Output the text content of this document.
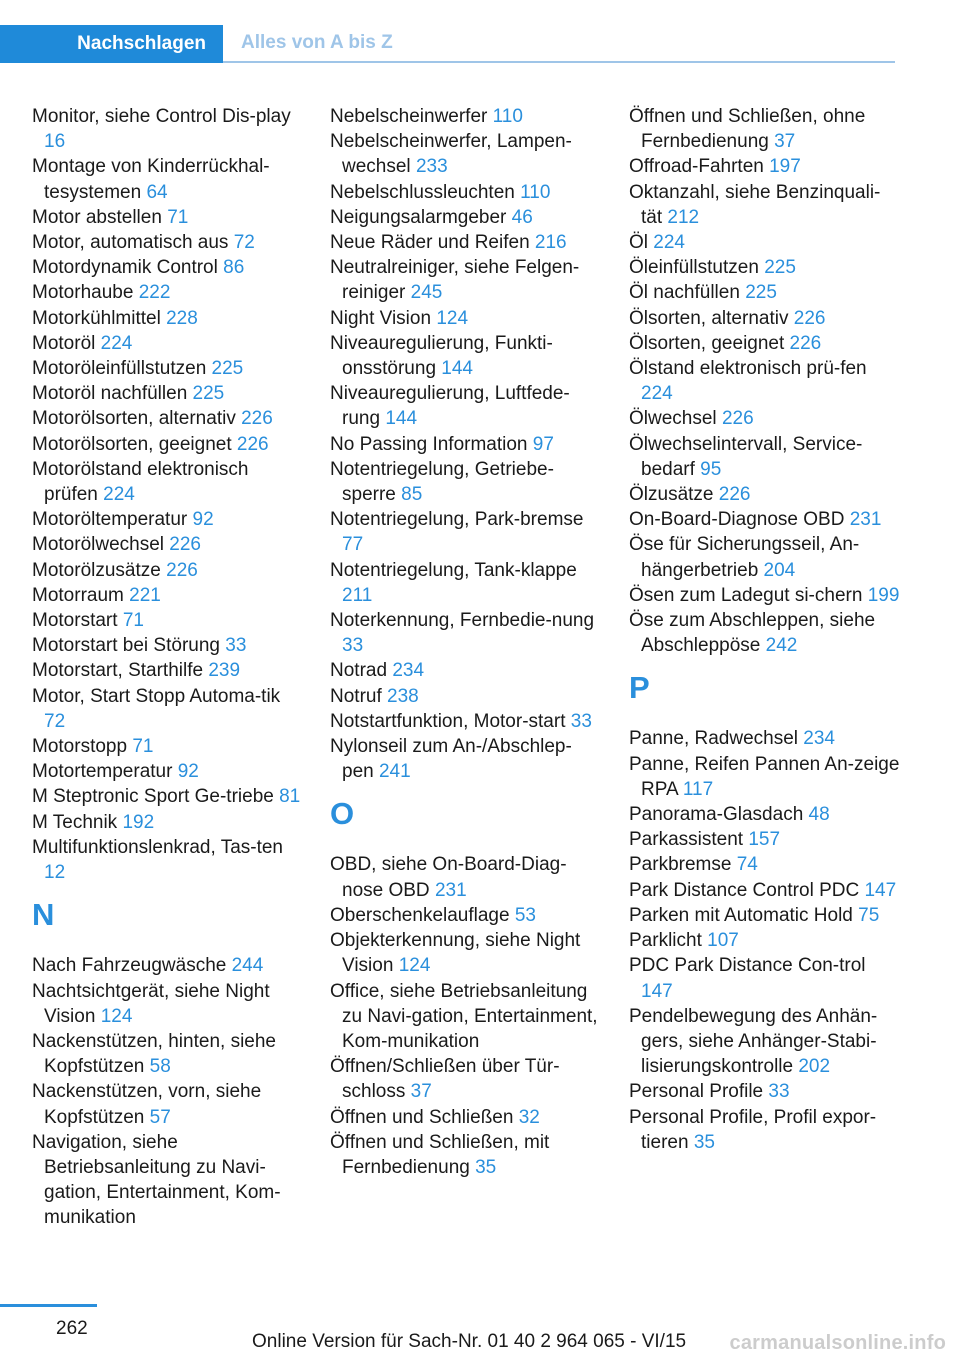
Nachschlagen	Alles von A bis Z
Monitor, siehe Control Dis‐play 16
Montage von Kinderrückhal‐tesystemen 64
Motor abstellen 71
Motor, automatisch aus 72
Motordynamik Control 86
Motorhaube 222
Motorkühlmittel 228
Motoröl 224
Motoröleinfüllstutzen 225
Motoröl nachfüllen 225
Motorölsorten, alternativ 226
Motorölsorten, geeignet 226
Motorölstand elektronisch prüfen 224
Motoröltemperatur 92
Motorölwechsel 226
Motorölzusätze 226
Motorraum 221
Motorstart 71
Motorstart bei Störung 33
Motorstart, Starthilfe 239
Motor, Start Stopp Automa‐tik 72
Motorstopp 71
Motortemperatur 92
M Steptronic Sport Ge‐triebe 81
M Technik 192
Multifunktionslenkrad, Tas‐ten 12
N
Nach Fahrzeugwäsche 244
Nachtsichtgerät, siehe Night Vision 124
Nackenstützen, hinten, siehe Kopfstützen 58
Nackenstützen, vorn, siehe Kopfstützen 57
Navigation, siehe Betriebsanleitung zu Navi‐gation, Entertainment, Kom‐munikation
Nebelscheinwerfer 110
Nebelscheinwerfer, Lampen‐wechsel 233
Nebelschlussleuchten 110
Neigungsalarmgeber 46
Neue Räder und Reifen 216
Neutralreiniger, siehe Felgen‐reiniger 245
Night Vision 124
Niveauregulierung, Funkti‐onsstörung 144
Niveauregulierung, Luftfede‐rung 144
No Passing Information 97
Notentriegelung, Getriebe‐sperre 85
Notentriegelung, Park‐bremse 77
Notentriegelung, Tank‐klappe 211
Noterkennung, Fernbedie‐nung 33
Notrad 234
Notruf 238
Notstartfunktion, Motor‐start 33
Nylonseil zum An-/Abschlep‐pen 241
O
OBD, siehe On-Board-Diag‐nose OBD 231
Oberschenkelauflage 53
Objekterkennung, siehe Night Vision 124
Office, siehe Betriebsanleitung zu Navi‐gation, Entertainment, Kom‐munikation
Öffnen/Schließen über Tür‐schloss 37
Öffnen und Schließen 32
Öffnen und Schließen, mit Fernbedienung 35
Öffnen und Schließen, ohne Fernbedienung 37
Offroad-Fahrten 197
Oktanzahl, siehe Benzinquali‐tät 212
Öl 224
Öleinfüllstutzen 225
Öl nachfüllen 225
Ölsorten, alternativ 226
Ölsorten, geeignet 226
Ölstand elektronisch prü‐fen 224
Ölwechsel 226
Ölwechselintervall, Service‐bedarf 95
Ölzusätze 226
On-Board-Diagnose OBD 231
Öse für Sicherungsseil, An‐hängerbetrieb 204
Ösen zum Ladegut si‐chern 199
Öse zum Abschleppen, siehe Abschleppöse 242
P
Panne, Radwechsel 234
Panne, Reifen Pannen An‐zeige RPA 117
Panorama-Glasdach 48
Parkassistent 157
Parkbremse 74
Park Distance Control PDC 147
Parken mit Automatic Hold 75
Parklicht 107
PDC Park Distance Con‐trol 147
Pendelbewegung des Anhän‐gers, siehe Anhänger-Stabi‐lisierungskontrolle 202
Personal Profile 33
Personal Profile, Profil expor‐tieren 35
262
Online Version für Sach-Nr. 01 40 2 964 065 - VI/15 carmanualsonline.info
